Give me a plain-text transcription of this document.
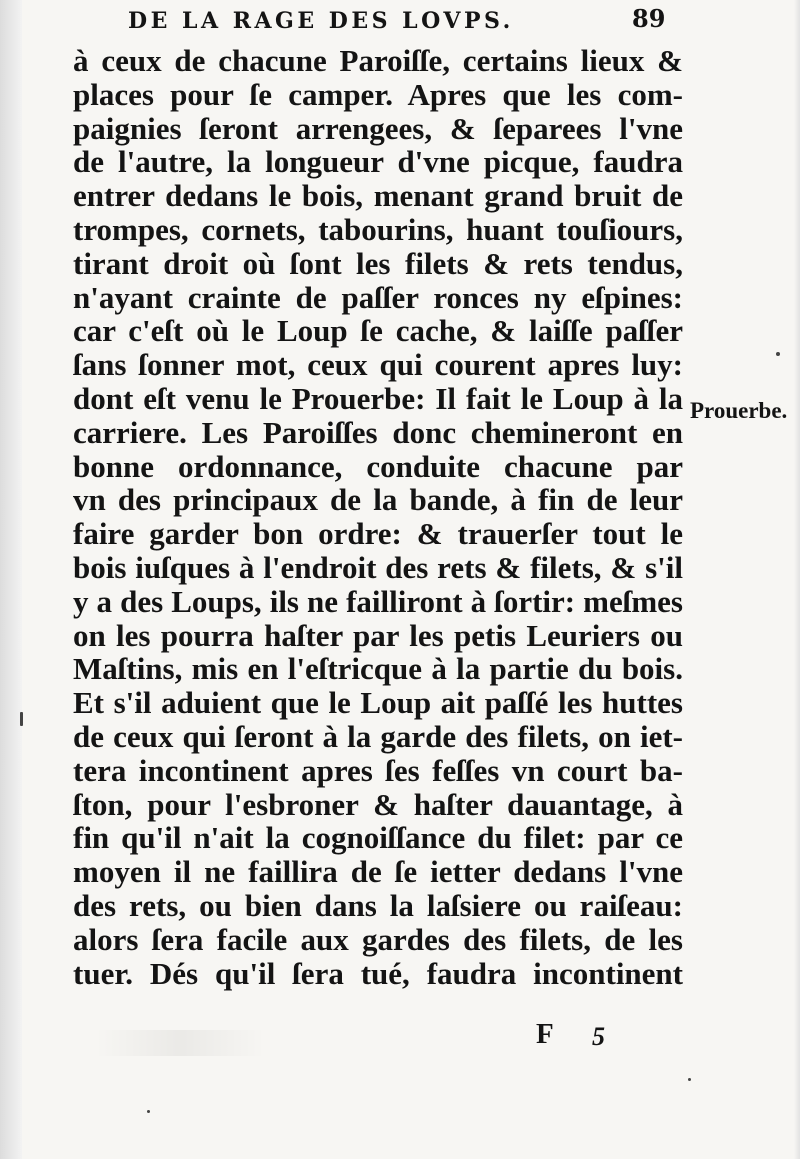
DE LA RAGE DES LOVPS.	89
à ceux de chacune Paroiſſe, certains lieux &
places pour ſe camper. Apres que les com-
paignies ſeront arrengees, & ſeparees l'vne
de l'autre, la longueur d'vne picque, faudra
entrer dedans le bois, menant grand bruit de
trompes, cornets, tabourins, huant touſiours,
tirant droit où ſont les filets & rets tendus,
n'ayant crainte de paſſer ronces ny eſpines:
car c'eſt où le Loup ſe cache, & laiſſe paſſer
ſans ſonner mot, ceux qui courent apres luy:
dont eſt venu le Prouerbe: Il fait le Loup à la
carriere. Les Paroiſſes donc chemineront en
bonne ordonnance, conduite chacune par
vn des principaux de la bande, à fin de leur
faire garder bon ordre: & trauerſer tout le
bois iuſques à l'endroit des rets & filets, & s'il
y a des Loups, ils ne failliront à ſortir: meſmes
on les pourra haſter par les petis Leuriers ou
Maſtins, mis en l'eſtricque à la partie du bois.
Et s'il aduient que le Loup ait paſſé les huttes
de ceux qui ſeront à la garde des filets, on iet-
tera incontinent apres ſes feſſes vn court ba-
ſton, pour l'esbroner & haſter dauantage, à
fin qu'il n'ait la cognoiſſance du filet: par ce
moyen il ne faillira de ſe ietter dedans l'vne
des rets, ou bien dans la laſsiere ou raiſeau:
alors ſera facile aux gardes des filets, de les
tuer. Dés qu'il ſera tué, faudra incontinent
Prouerbe.
F 5
